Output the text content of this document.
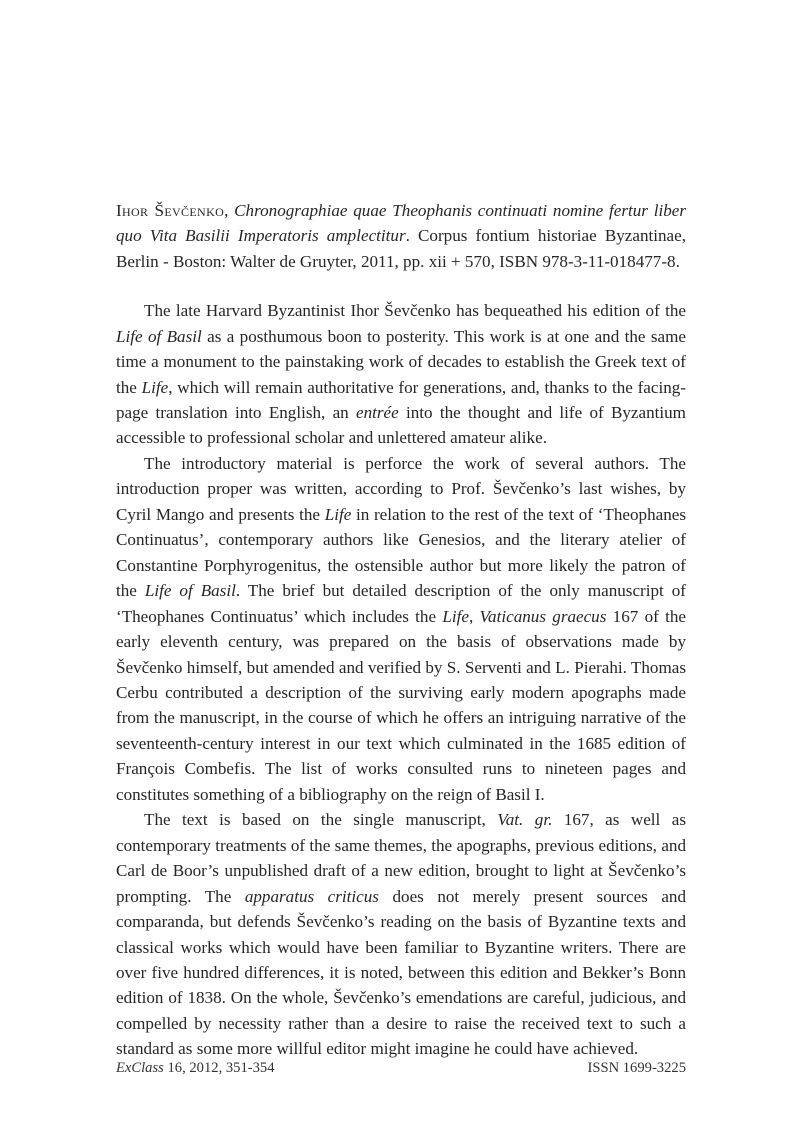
Ihor Ševčenko, Chronographiae quae Theophanis continuati nomine fertur liber quo Vita Basilii Imperatoris amplectitur. Corpus fontium historiae Byzantinae, Berlin - Boston: Walter de Gruyter, 2011, pp. xii + 570, ISBN 978-3-11-018477-8.

The late Harvard Byzantinist Ihor Ševčenko has bequeathed his edition of the Life of Basil as a posthumous boon to posterity. This work is at one and the same time a monument to the painstaking work of decades to establish the Greek text of the Life, which will remain authoritative for generations, and, thanks to the facing-page translation into English, an entrée into the thought and life of Byzantium accessible to professional scholar and unlettered amateur alike.

The introductory material is perforce the work of several authors. The introduction proper was written, according to Prof. Ševčenko’s last wishes, by Cyril Mango and presents the Life in relation to the rest of the text of ‘Theophanes Continuatus’, contemporary authors like Genesios, and the literary atelier of Constantine Porphyrogenitus, the ostensible author but more likely the patron of the Life of Basil. The brief but detailed description of the only manuscript of ‘Theophanes Continuatus’ which includes the Life, Vaticanus graecus 167 of the early eleventh century, was prepared on the basis of observations made by Ševčenko himself, but amended and verified by S. Serventi and L. Pierahi. Thomas Cerbu contributed a description of the surviving early modern apographs made from the manuscript, in the course of which he offers an intriguing narrative of the seventeenth-century interest in our text which culminated in the 1685 edition of François Combefis. The list of works consulted runs to nineteen pages and constitutes something of a bibliography on the reign of Basil I.

The text is based on the single manuscript, Vat. gr. 167, as well as contemporary treatments of the same themes, the apographs, previous editions, and Carl de Boor’s unpublished draft of a new edition, brought to light at Ševčenko’s prompting. The apparatus criticus does not merely present sources and comparanda, but defends Ševčenko’s reading on the basis of Byzantine texts and classical works which would have been familiar to Byzantine writers. There are over five hundred differences, it is noted, between this edition and Bekker’s Bonn edition of 1838. On the whole, Ševčenko’s emendations are careful, judicious, and compelled by necessity rather than a desire to raise the received text to such a standard as some more willful editor might imagine he could have achieved.

ExClass 16, 2012, 351-354	ISSN 1699-3225
